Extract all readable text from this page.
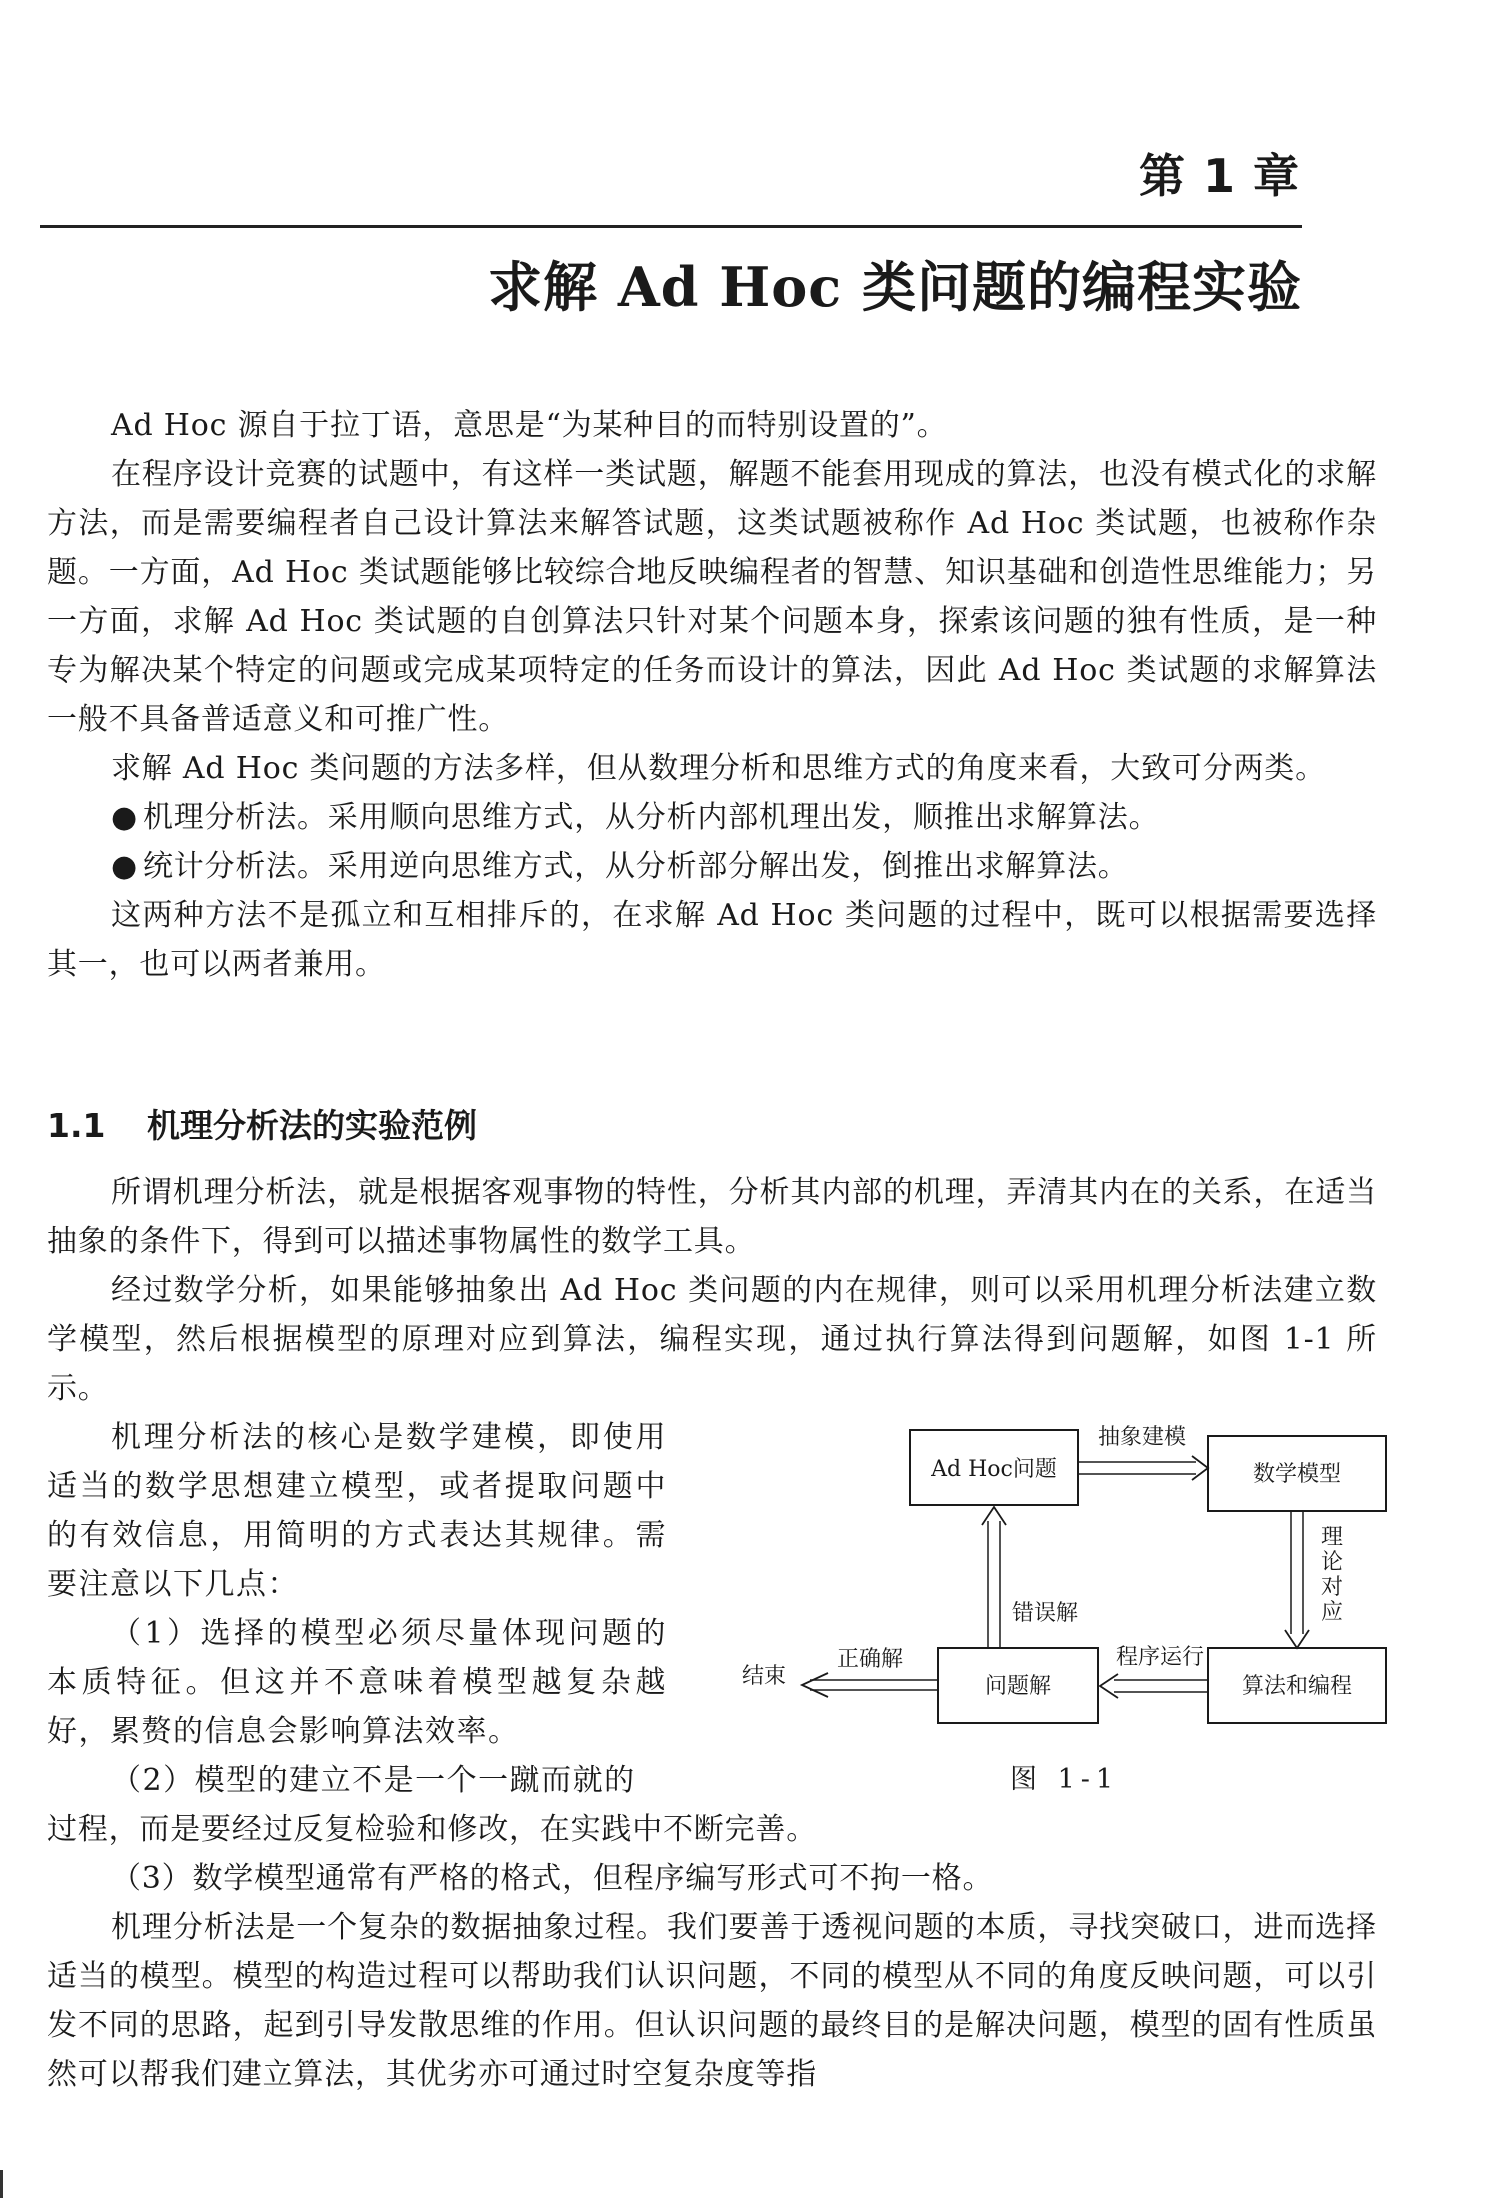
第 1 章
求解 Ad Hoc 类问题的编程实验

Ad Hoc 源自于拉丁语，意思是“为某种目的而特别设置的”。

在程序设计竞赛的试题中，有这样一类试题，解题不能套用现成的算法，也没有模式化的求解方法，而是需要编程者自己设计算法来解答试题，这类试题被称作 Ad Hoc 类试题，也被称作杂题。一方面，Ad Hoc 类试题能够比较综合地反映编程者的智慧、知识基础和创造性思维能力；另一方面，求解 Ad Hoc 类试题的自创算法只针对某个问题本身，探索该问题的独有性质，是一种专为解决某个特定的问题或完成某项特定的任务而设计的算法，因此 Ad Hoc 类试题的求解算法一般不具备普适意义和可推广性。

求解 Ad Hoc 类问题的方法多样，但从数理分析和思维方式的角度来看，大致可分两类。

● 机理分析法。采用顺向思维方式，从分析内部机理出发，顺推出求解算法。
● 统计分析法。采用逆向思维方式，从分析部分解出发，倒推出求解算法。

这两种方法不是孤立和互相排斥的，在求解 Ad Hoc 类问题的过程中，既可以根据需要选择其一，也可以两者兼用。

1.1 机理分析法的实验范例

所谓机理分析法，就是根据客观事物的特性，分析其内部的机理，弄清其内在的关系，在适当抽象的条件下，得到可以描述事物属性的数学工具。

经过数学分析，如果能够抽象出 Ad Hoc 类问题的内在规律，则可以采用机理分析法建立数学模型，然后根据模型的原理对应到算法，编程实现，通过执行算法得到问题解，如图 1-1 所示。

机理分析法的核心是数学建模，即使用适当的数学思想建立模型，或者提取问题中的有效信息，用简明的方式表达其规律。需要注意以下几点：

（1）选择的模型必须尽量体现问题的本质特征。但这并不意味着模型越复杂越好，累赘的信息会影响算法效率。

（2）模型的建立不是一个一蹴而就的

过程，而是要经过反复检验和修改，在实践中不断完善。

（3）数学模型通常有严格的格式，但程序编写形式可不拘一格。

机理分析法是一个复杂的数据抽象过程。我们要善于透视问题的本质，寻找突破口，进而选择适当的模型。模型的构造过程可以帮助我们认识问题，不同的模型从不同的角度反映问题，可以引发不同的思路，起到引导发散思维的作用。但认识问题的最终目的是解决问题，模型的固有性质虽然可以帮我们建立算法，其优劣亦可通过时空复杂度等指

Ad Hoc问题	数学模型
问题解	算法和编程
结束
抽象建模
理
论
对
应
程序运行
错误解
正确解
图 1-1
